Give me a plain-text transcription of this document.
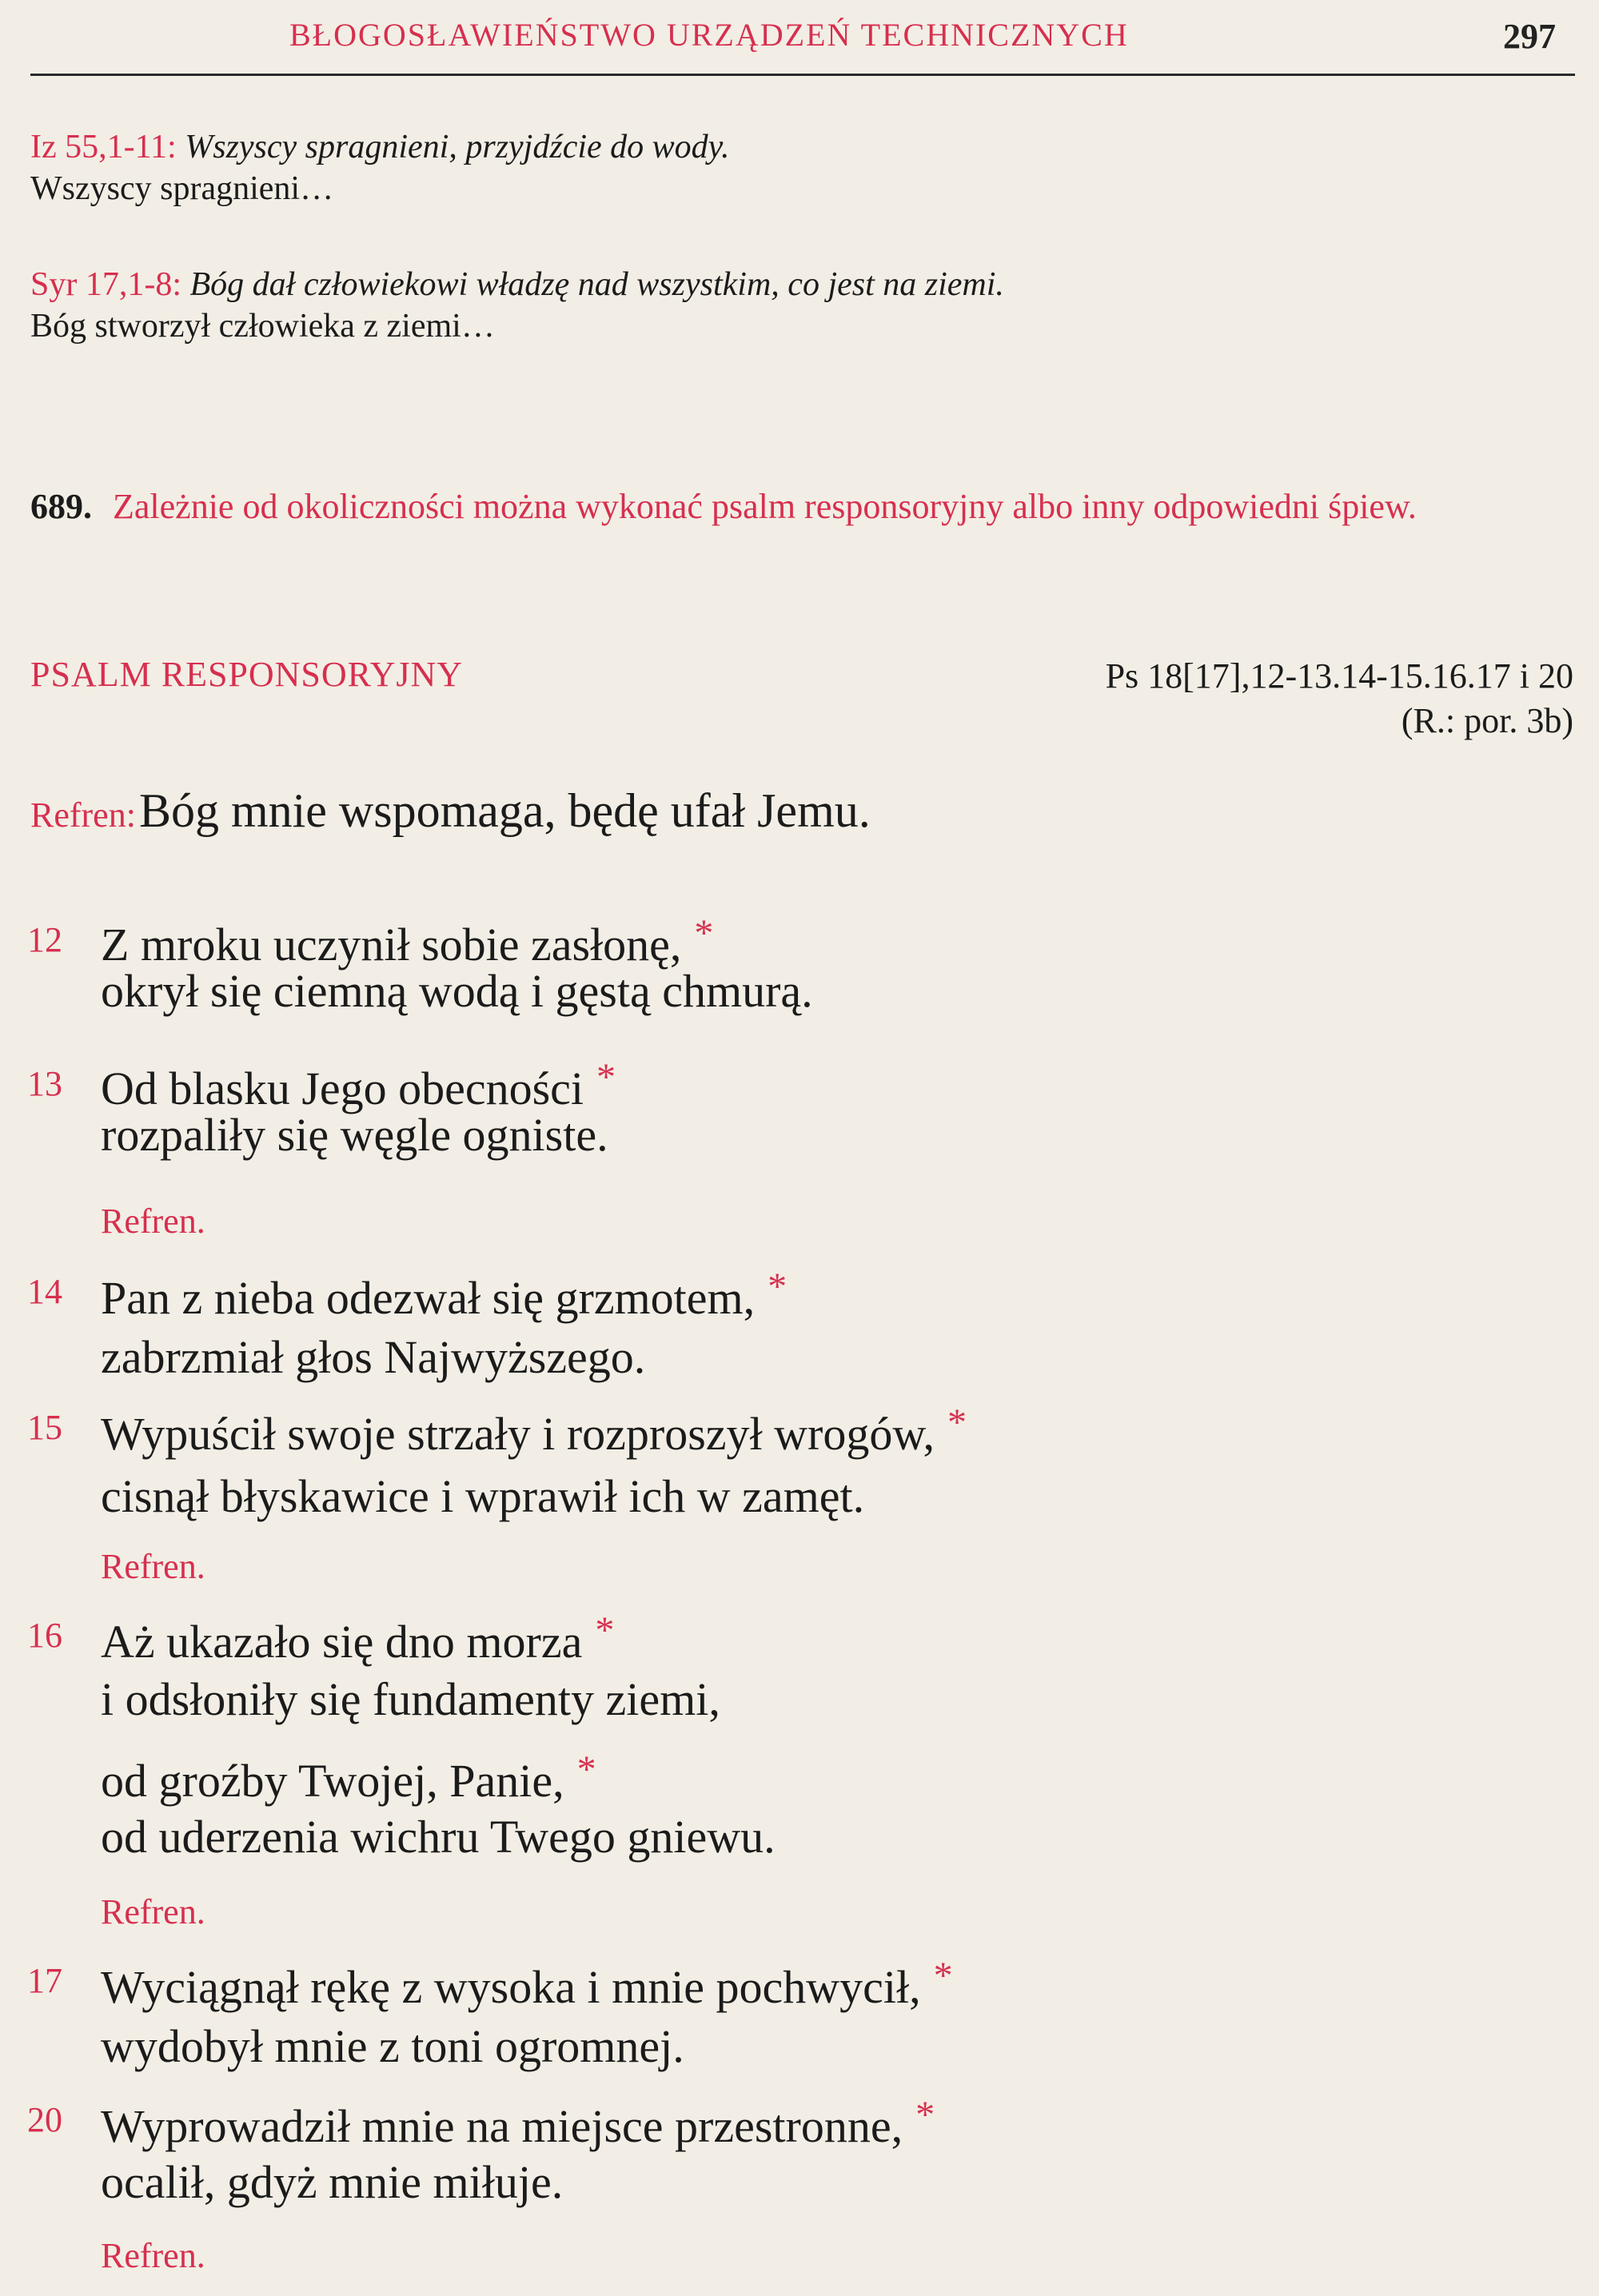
BŁOGOSŁAWIEŃSTWO URZĄDZEŃ TECHNICZNYCH	297
Iz 55,1-11: Wszyscy spragnieni, przyjdźcie do wody.
Wszyscy spragnieni…
Syr 17,1-8: Bóg dał człowiekowi władzę nad wszystkim, co jest na ziemi.
Bóg stworzył człowieka z ziemi…
689. Zależnie od okoliczności można wykonać psalm responsoryjny albo inny odpowiedni śpiew.
PSALM RESPONSORYJNY	Ps 18[17],12-13.14-15.16.17 i 20
(R.: por. 3b)
Refren: Bóg mnie wspomaga, będę ufał Jemu.
12 Z mroku uczynił sobie zasłonę, *
okrył się ciemną wodą i gęstą chmurą.
13 Od blasku Jego obecności *
rozpaliły się węgle ogniste.
Refren.
14 Pan z nieba odezwał się grzmotem, *
zabrzmiał głos Najwyższego.
15 Wypuścił swoje strzały i rozproszył wrogów, *
cisnął błyskawice i wprawił ich w zamęt.
Refren.
16 Aż ukazało się dno morza *
i odsłoniły się fundamenty ziemi,
od groźby Twojej, Panie, *
od uderzenia wichru Twego gniewu.
Refren.
17 Wyciągnął rękę z wysoka i mnie pochwycił, *
wydobył mnie z toni ogromnej.
20 Wyprowadził mnie na miejsce przestronne, *
ocalił, gdyż mnie miłuje.
Refren.
